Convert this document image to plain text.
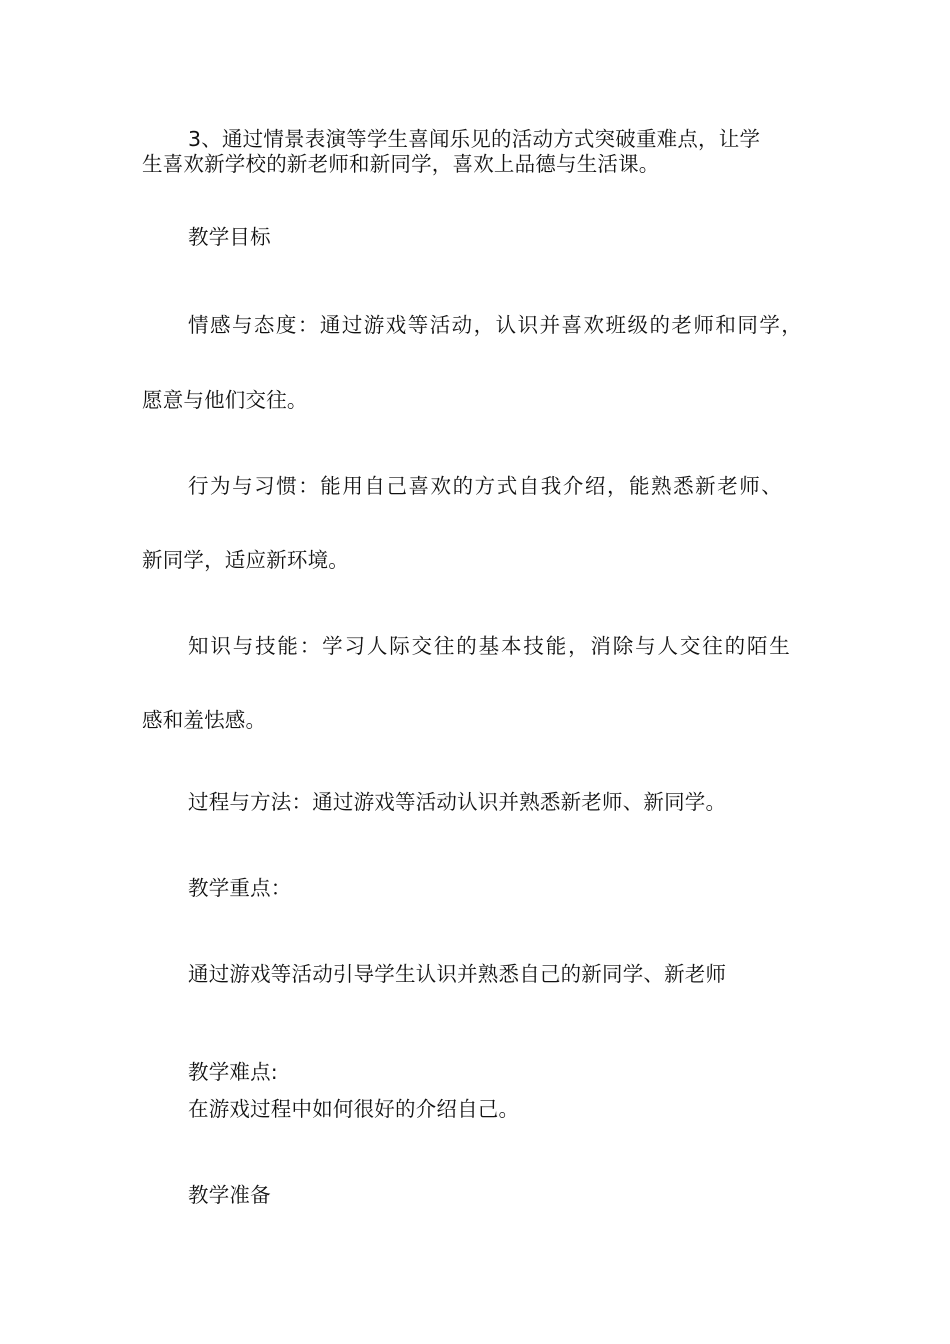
3、通过情景表演等学生喜闻乐见的活动方式突破重难点，让学
生喜欢新学校的新老师和新同学，喜欢上品德与生活课。
教学目标
情感与态度：通过游戏等活动，认识并喜欢班级的老师和同学，
愿意与他们交往。
行为与习惯：能用自己喜欢的方式自我介绍，能熟悉新老师、
新同学，适应新环境。
知识与技能：学习人际交往的基本技能，消除与人交往的陌生
感和羞怯感。
过程与方法：通过游戏等活动认识并熟悉新老师、新同学。
教学重点：
通过游戏等活动引导学生认识并熟悉自己的新同学、新老师
教学难点:
在游戏过程中如何很好的介绍自己。
教学准备
